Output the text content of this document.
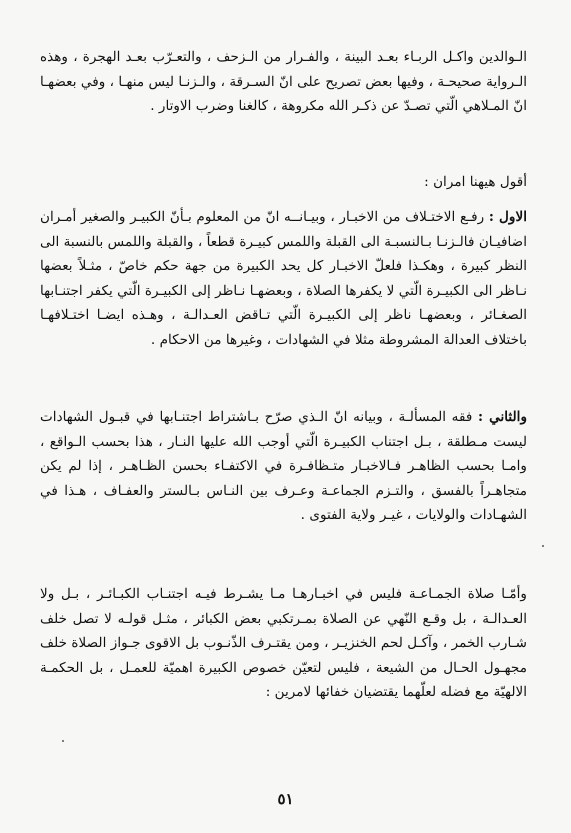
الـوالدين واكـل الربـاء بعـد البينة ، والفـرار من الـزحف ، والتعـرّب بعـد الهجرة ، وهذه الـرواية صحيحـة ، وفيها بعض تصريح على انّ السـرقة ، والـزنـا ليس منهـا ، وفي بعضهـا انّ المـلاهي الّتي تصـدّ عن ذكـر الله مكروهة ، كالغنا وضرب الاوتار .

أقول هيهنا امران :

الاول : رفـع الاختـلاف من الاخبـار ، وبيـانــه انّ من المعلوم بـأنّ الكبيـر والصغير أمـران اضافيـان فالـزنـا بـالنسبـة الى القبلة واللمس كبيـرة قطعاً ، والقبلة واللمس بالنسبة الى النظر كبيرة ، وهكـذا فلعلّ الاخبـار كل يحد الكبيرة من جهة حكم خاصّ ، مثـلاً بعضها نـاظر الى الكبيـرة الّتي لا يكفرها الصلاة ، وبعضهـا نـاظر إلى الكبيـرة الّتي يكفر اجتنـابها الصغـائر ، وبعضهـا ناظر إلى الكبيـرة الّتي تـاقض العـدالـة ، وهـذه ايضـا اختـلافهـا باختلاف العدالة المشروطة مثلا في الشهادات ، وغيرها من الاحكام .

والثاني : فقه المسألـة ، وبيانه انّ الـذي صرّح بـاشتراط اجتنـابها في قبـول الشهادات ليست مـطلقة ، بـل اجتناب الكبيـرة الّتي أوجب الله عليها النـار ، هذا بحسب الـواقع ، وامـا بحسب الظاهـر فـالاخبـار متـظافـرة في الاكتفـاء بحسن الظـاهـر ، إذا لم يكن متجاهـراً بالفسق ، والتـزم الجماعـة وعـرف بين النـاس بـالستر والعفـاف ، هـذا في الشهـادات والولايات ، غيـر ولاية الفتوى .

وأمّـا صلاة الجمـاعـة فليس في اخبـارهـا مـا يشـرط فيـه اجتنـاب الكبـائـر ، بـل ولا العـدالـة ، بل وقـع النّهي عن الصلاة بمـرتكبي بعض الكبائر ، مثـل قولـه لا تصل خلف شـارب الخمر ، وآكـل لحم الخنزيـر ، ومن يقتـرف الذّنـوب بل الاقوى جـواز الصلاة خلف مجهـول الحـال من الشيعة ، فليس لتعيّن خصوص الكبيرة اهميّة للعمـل ، بل الحكمـة الالهيّة مع فضله لعلّهما يقتضيان خفائها لامرين :

٥١
